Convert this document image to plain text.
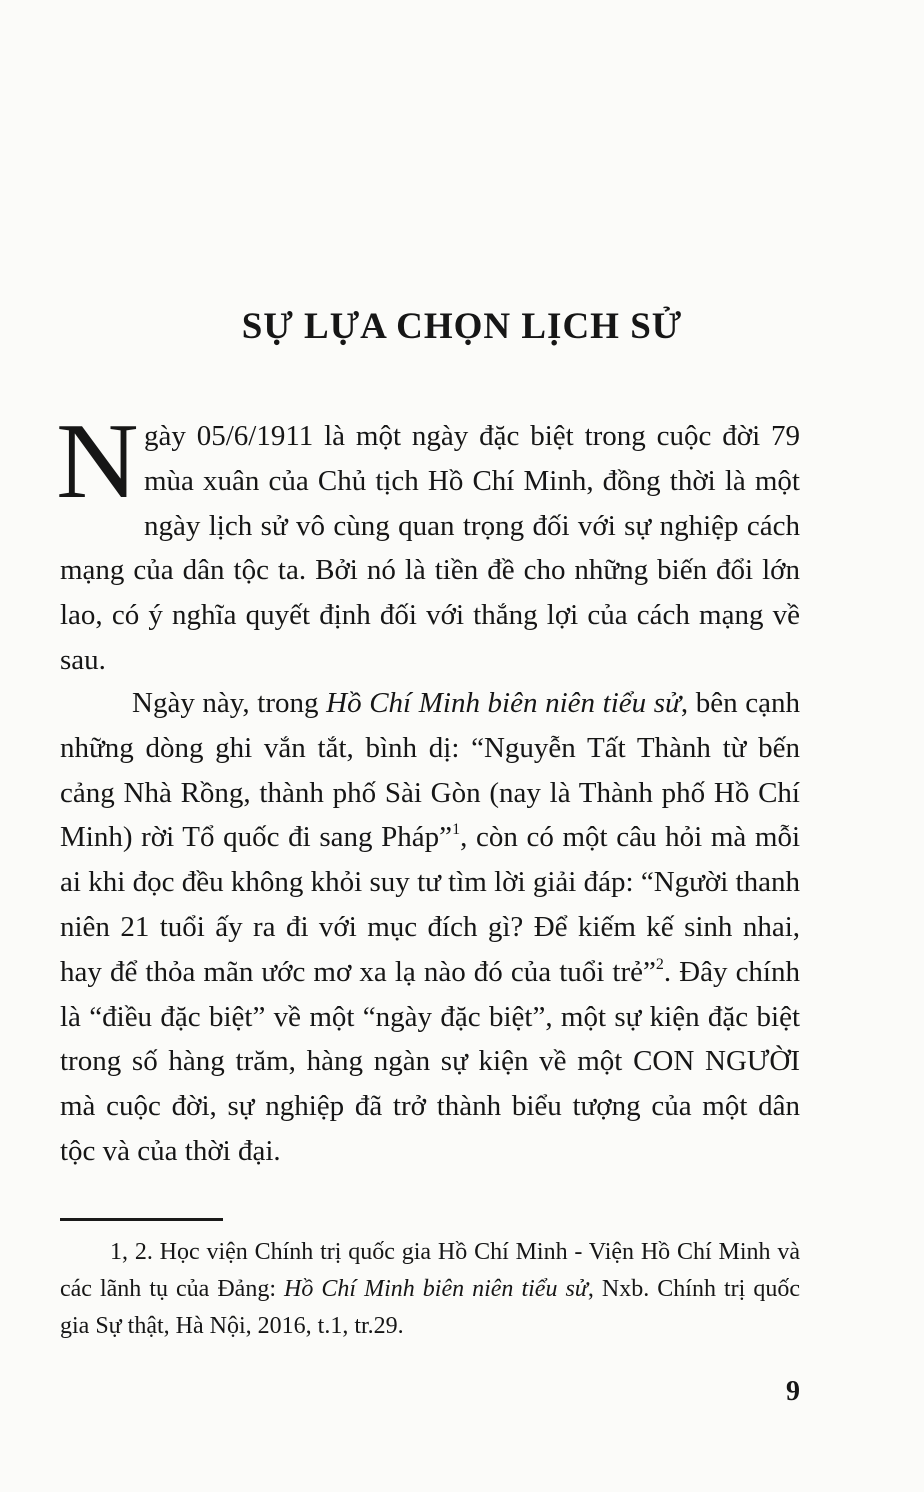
SỰ LỰA CHỌN LỊCH SỬ

Ngày 05/6/1911 là một ngày đặc biệt trong cuộc đời 79 mùa xuân của Chủ tịch Hồ Chí Minh, đồng thời là một ngày lịch sử vô cùng quan trọng đối với sự nghiệp cách mạng của dân tộc ta. Bởi nó là tiền đề cho những biến đổi lớn lao, có ý nghĩa quyết định đối với thắng lợi của cách mạng về sau.

Ngày này, trong Hồ Chí Minh biên niên tiểu sử, bên cạnh những dòng ghi vắn tắt, bình dị: “Nguyễn Tất Thành từ bến cảng Nhà Rồng, thành phố Sài Gòn (nay là Thành phố Hồ Chí Minh) rời Tổ quốc đi sang Pháp”$^1$, còn có một câu hỏi mà mỗi ai khi đọc đều không khỏi suy tư tìm lời giải đáp: “Người thanh niên 21 tuổi ấy ra đi với mục đích gì? Để kiếm kế sinh nhai, hay để thỏa mãn ước mơ xa lạ nào đó của tuổi trẻ”$^2$. Đây chính là “điều đặc biệt” về một “ngày đặc biệt”, một sự kiện đặc biệt trong số hàng trăm, hàng ngàn sự kiện về một CON NGƯỜI mà cuộc đời, sự nghiệp đã trở thành biểu tượng của một dân tộc và của thời đại.

1, 2. Học viện Chính trị quốc gia Hồ Chí Minh - Viện Hồ Chí Minh và các lãnh tụ của Đảng: Hồ Chí Minh biên niên tiểu sử, Nxb. Chính trị quốc gia Sự thật, Hà Nội, 2016, t.1, tr.29.

9
